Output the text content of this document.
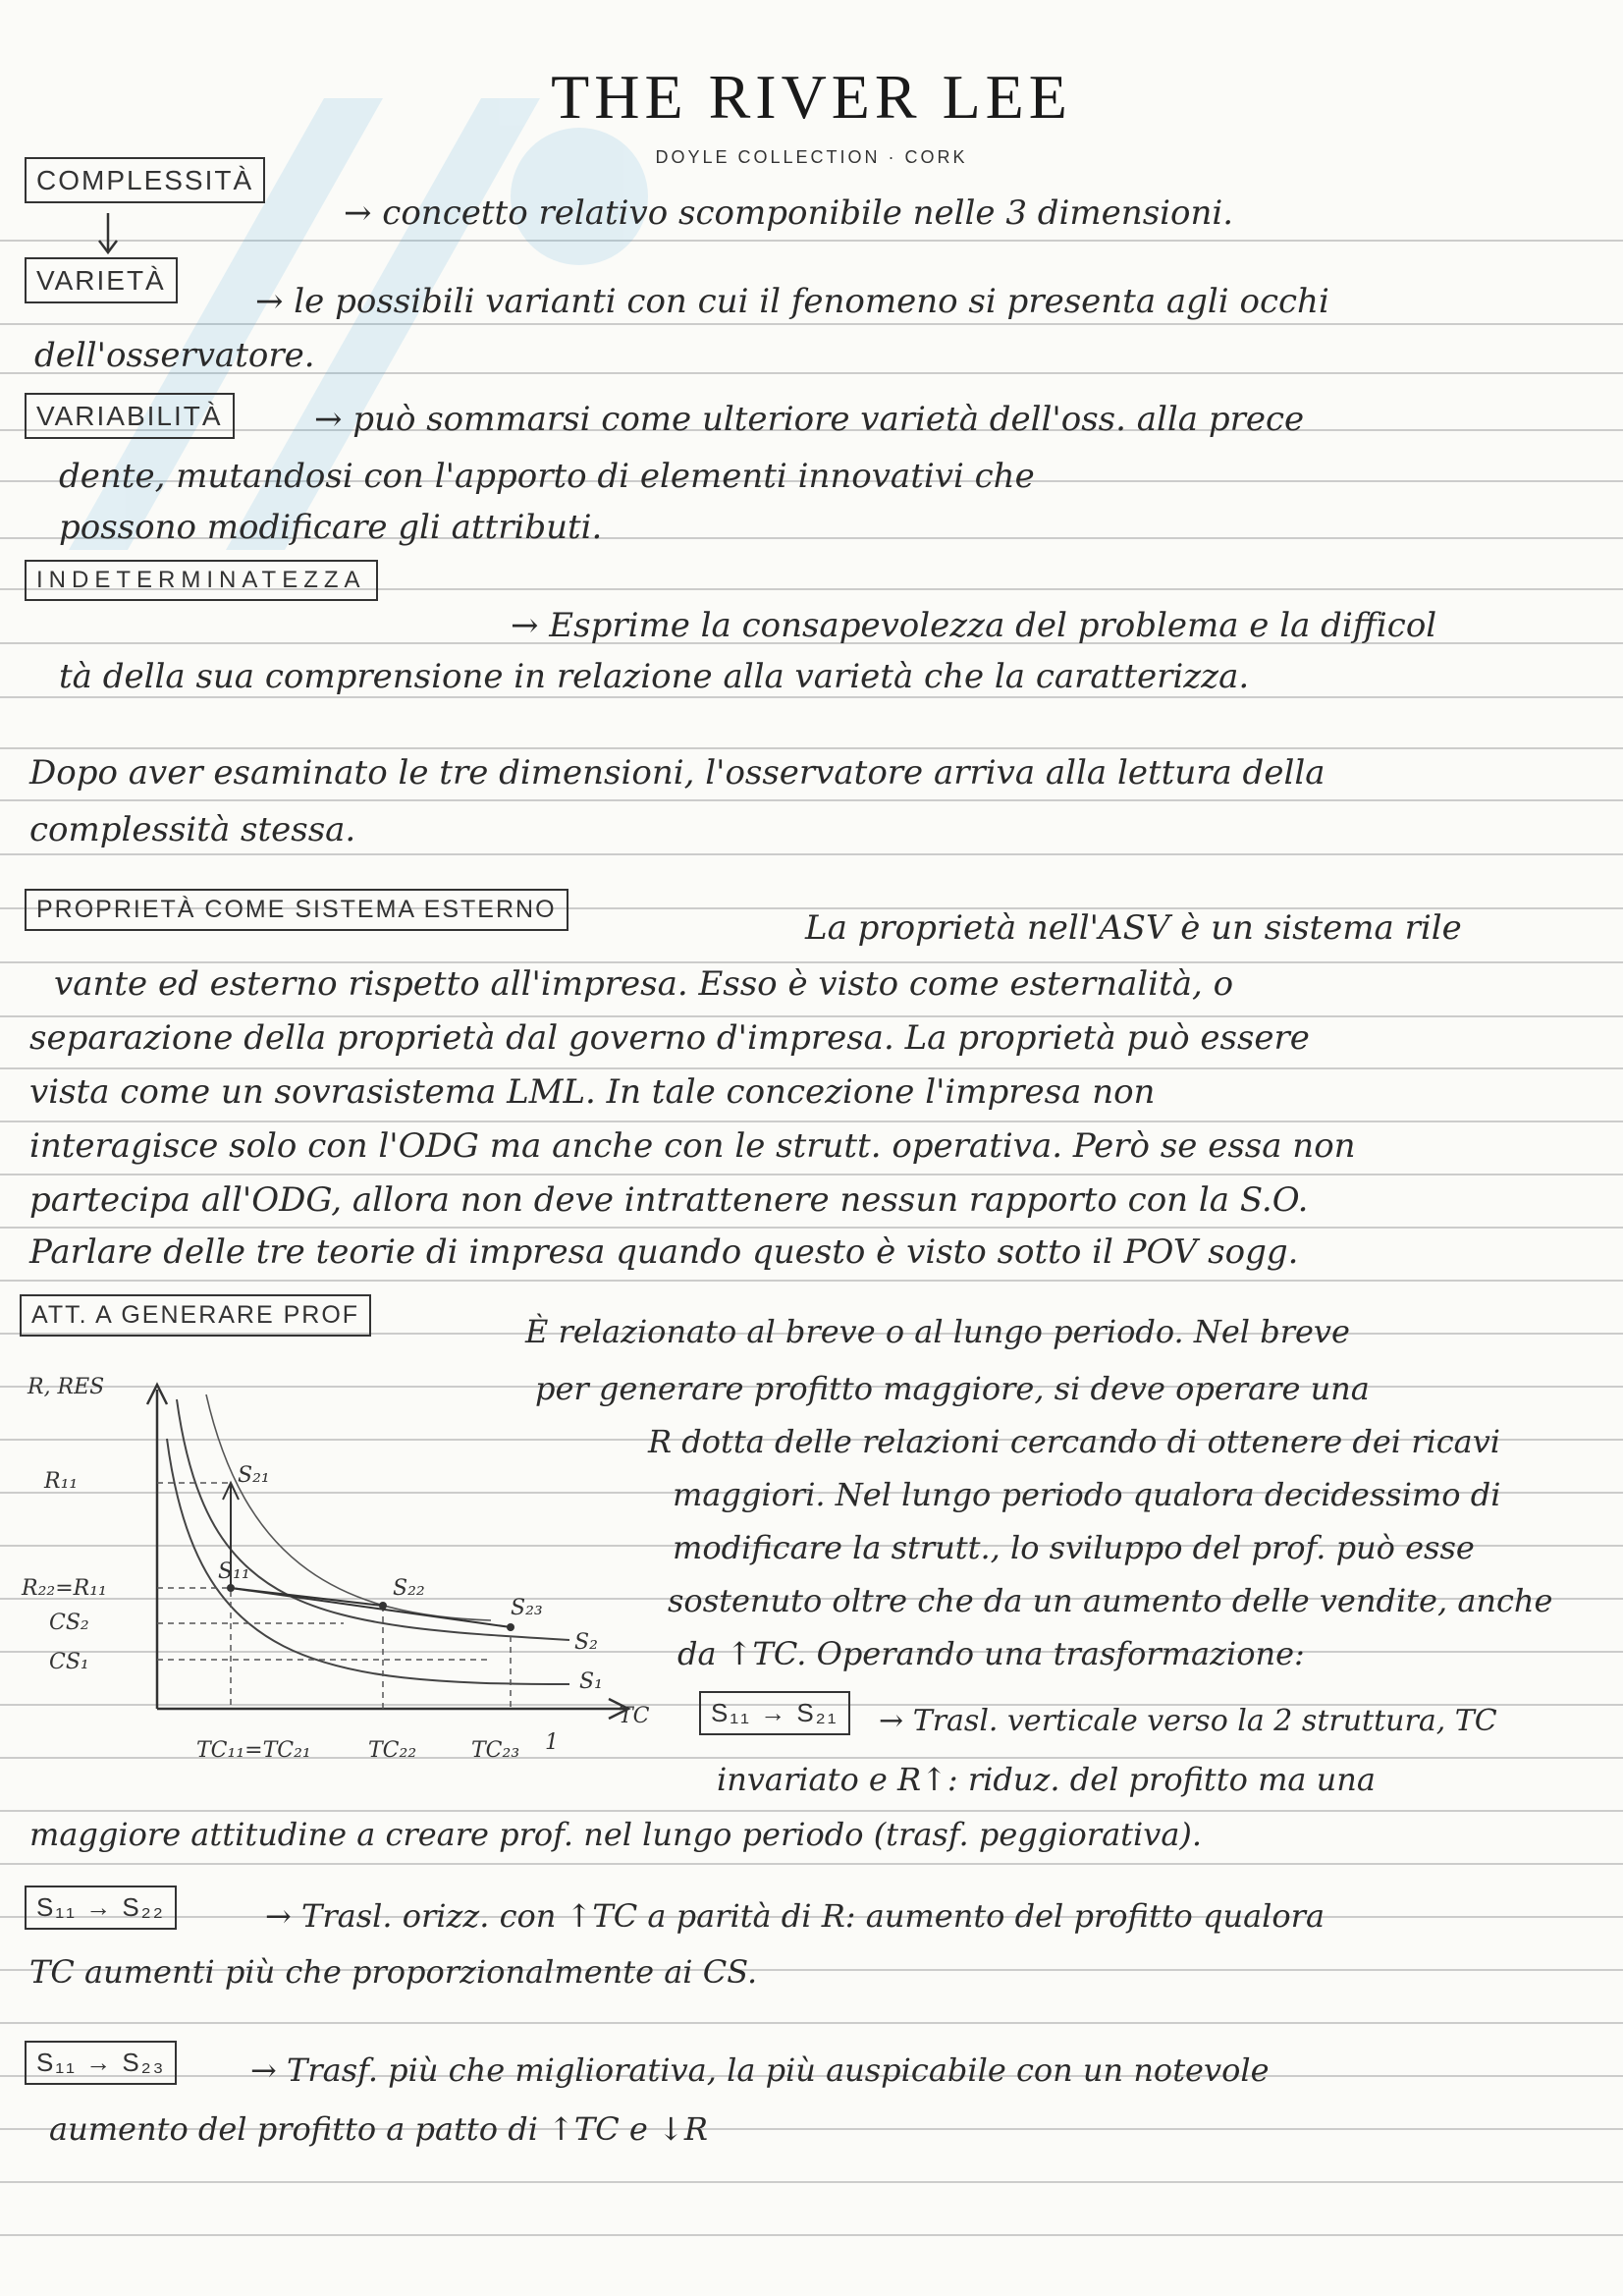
THE RIVER LEE
DOYLE COLLECTION · CORK
COMPLESSITÀ
→ concetto relativo scomponibile nelle 3 dimensioni.
VARIETÀ
→ le possibili varianti con cui il fenomeno si presenta agli occhi
dell'osservatore.
VARIABILITÀ	→ può sommarsi come ulteriore varietà dell'oss. alla prece
dente, mutandosi con l'apporto di elementi innovativi che
possono modificare gli attributi.
INDETERMINATEZZA
→ Esprime la consapevolezza del problema e la difficol
tà della sua comprensione in relazione alla varietà che la caratterizza.
Dopo aver esaminato le tre dimensioni, l'osservatore arriva alla lettura della
complessità stessa.
PROPRIETÀ COME SISTEMA ESTERNO	La proprietà nell'ASV è un sistema rile
vante ed esterno rispetto all'impresa. Esso è visto come esternalità, o
separazione della proprietà dal governo d'impresa. La proprietà può essere
vista come un sovrasistema LML. In tale concezione l'impresa non
interagisce solo con l'ODG ma anche con le strutt. operativa. Però se essa non
partecipa all'ODG, allora non deve intrattenere nessun rapporto con la S.O.
Parlare delle tre teorie di impresa quando questo è visto sotto il POV sogg.
ATT. A GENERARE PROF	È relazionato al breve o al lungo periodo. Nel breve
per generare profitto maggiore, si deve operare una
R dotta delle relazioni cercando di ottenere dei ricavi
maggiori. Nel lungo periodo qualora decidessimo di
modificare la strutt., lo sviluppo del prof. può esse
sostenuto oltre che da un aumento delle vendite, anche
da ↑TC. Operando una trasformazione:
S₁₁ → S₂₁	→ Trasl. verticale verso la 2 struttura, TC
invariato e R↑: riduz. del profitto ma una
maggiore attitudine a creare prof. nel lungo periodo (trasf. peggiorativa).
R, RES
TC
R₁₁
R₂₂=R₁₁
CS₂
CS₁
TC₁₁=TC₂₁	TC₂₂	TC₂₃ 1
S₂₁
S₁₁
S₂₂
S₂₃
S₂
S₁
S₁₁ → S₂₂	→ Trasl. orizz. con ↑TC a parità di R: aumento del profitto qualora
TC aumenti più che proporzionalmente ai CS.
S₁₁ → S₂₃	→ Trasf. più che migliorativa, la più auspicabile con un notevole
aumento del profitto a patto di ↑TC e ↓R
